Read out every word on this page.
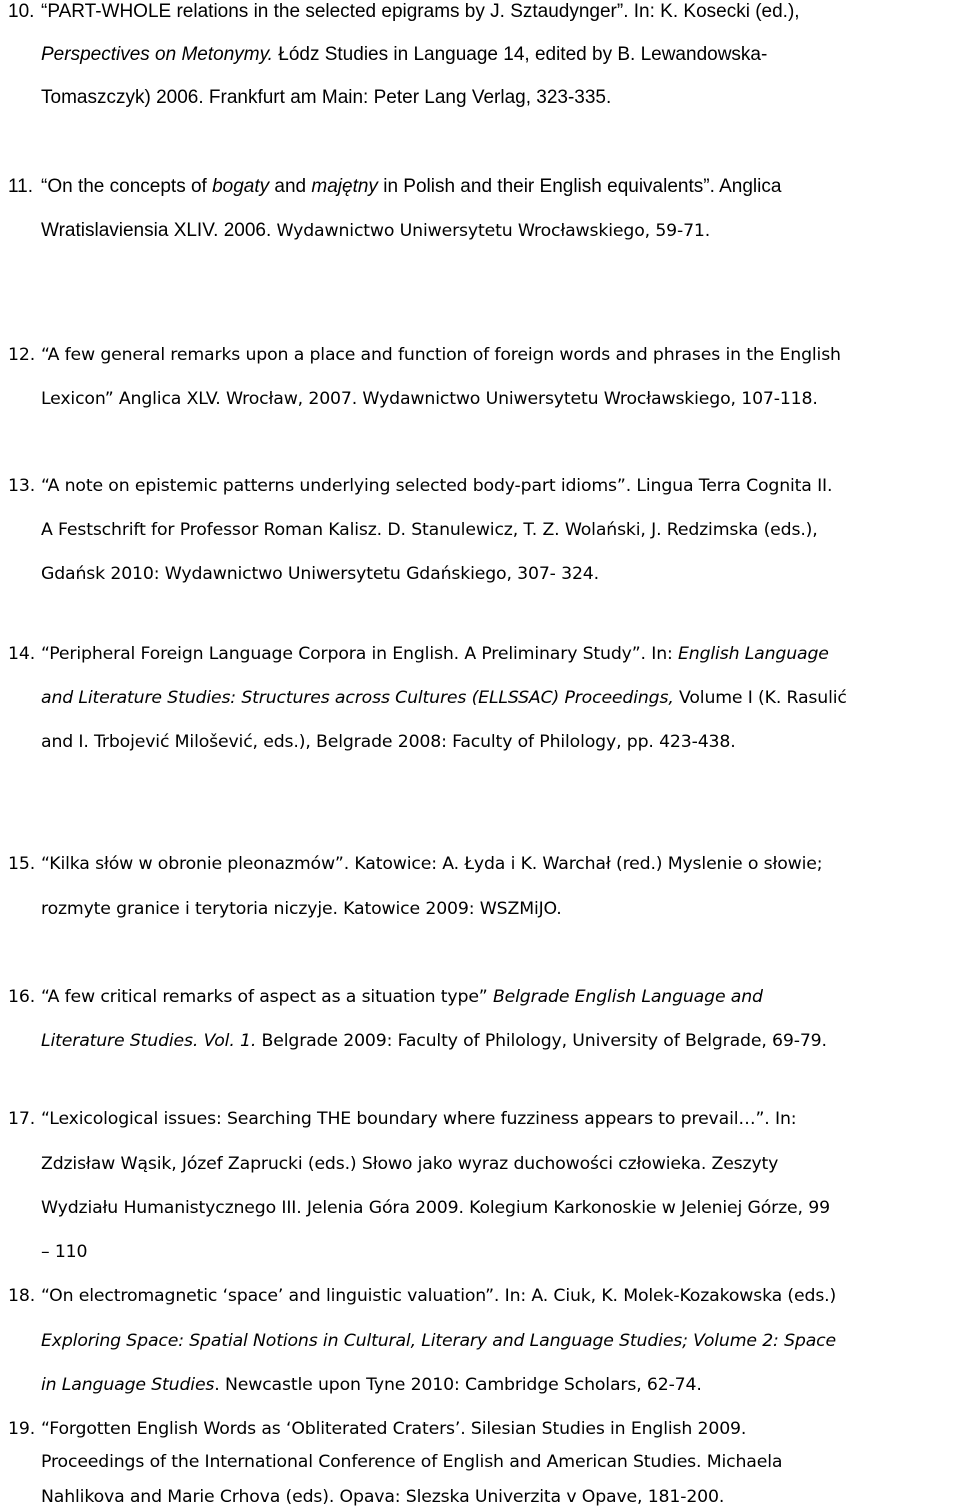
10. “PART-WHOLE relations in the selected epigrams by J. Sztaudynger”. In: K. Kosecki (ed.),
Perspectives on Metonymy. Łódz Studies in Language 14, edited by B. Lewandowska-
Tomaszczyk) 2006. Frankfurt am Main: Peter Lang Verlag, 323-335.
11. “On the concepts of bogaty and majętny in Polish and their English equivalents”. Anglica
Wratislaviensia XLIV. 2006. Wydawnictwo Uniwersytetu Wrocławskiego, 59-71.
12. “A few general remarks upon a place and function of foreign words and phrases in the English
Lexicon” Anglica XLV. Wrocław, 2007. Wydawnictwo Uniwersytetu Wrocławskiego, 107-118.
13. “A note on epistemic patterns underlying selected body-part idioms”. Lingua Terra Cognita II.
A Festschrift for Professor Roman Kalisz. D. Stanulewicz, T. Z. Wolański, J. Redzimska (eds.),
Gdańsk 2010: Wydawnictwo Uniwersytetu Gdańskiego, 307- 324.
14. “Peripheral Foreign Language Corpora in English. A Preliminary Study”. In: English Language
and Literature Studies: Structures across Cultures (ELLSSAC) Proceedings, Volume I (K. Rasulić
and I. Trbojević Milošević, eds.), Belgrade 2008: Faculty of Philology, pp. 423-438.
15. “Kilka słów w obronie pleonazmów”. Katowice: A. Łyda i K. Warchał (red.) Myslenie o słowie;
rozmyte granice i terytoria niczyje. Katowice 2009: WSZMiJO.
16. “A few critical remarks of aspect as a situation type” Belgrade English Language and
Literature Studies. Vol. 1. Belgrade 2009: Faculty of Philology, University of Belgrade, 69-79.
17. “Lexicological issues: Searching THE boundary where fuzziness appears to prevail…”. In:
Zdzisław Wąsik, Józef Zaprucki (eds.) Słowo jako wyraz duchowości człowieka. Zeszyty
Wydziału Humanistycznego III. Jelenia Góra 2009. Kolegium Karkonoskie w Jeleniej Górze, 99
– 110
18. “On electromagnetic ‘space’ and linguistic valuation”. In: A. Ciuk, K. Molek-Kozakowska (eds.)
Exploring Space: Spatial Notions in Cultural, Literary and Language Studies; Volume 2: Space
in Language Studies. Newcastle upon Tyne 2010: Cambridge Scholars, 62-74.
19. “Forgotten English Words as ‘Obliterated Craters’. Silesian Studies in English 2009.
Proceedings of the International Conference of English and American Studies. Michaela
Nahlikova and Marie Crhova (eds). Opava: Slezska Univerzita v Opave, 181-200.
